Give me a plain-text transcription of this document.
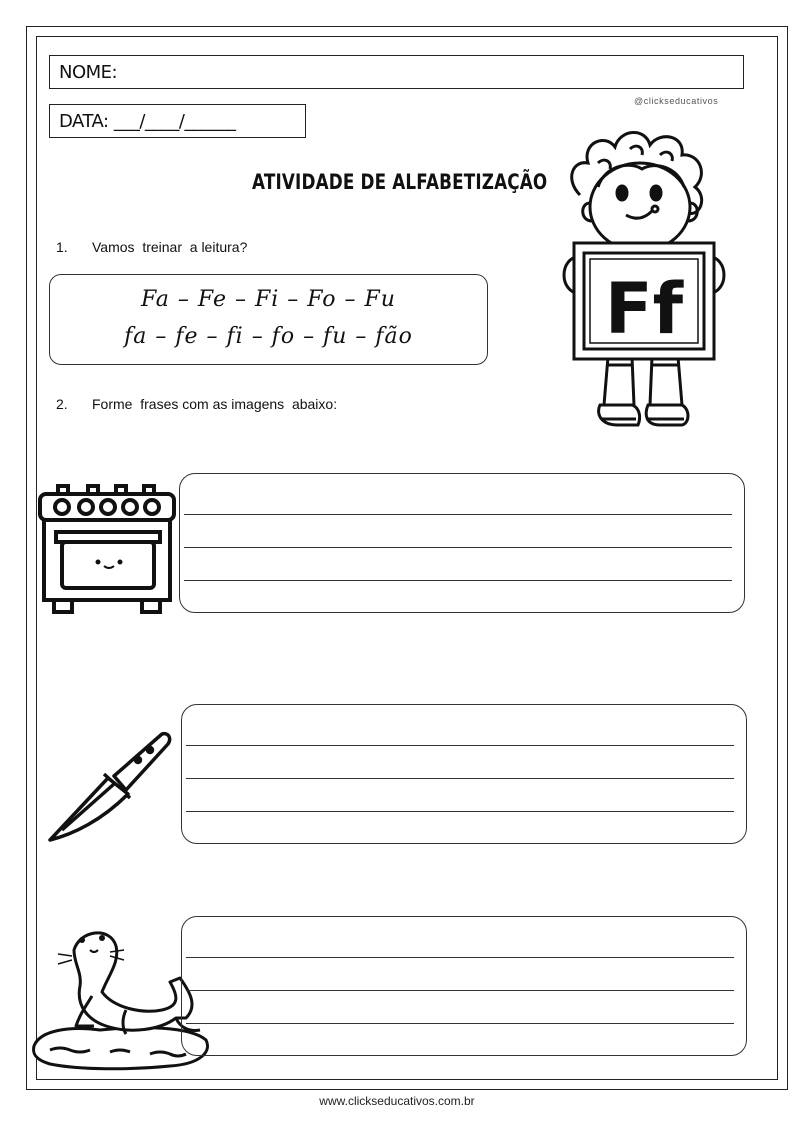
NOME:
DATA: ___/____/______
@clickseducativos
ATIVIDADE DE ALFABETIZAÇÃO
1. Vamos  treinar  a leitura?
Fa – Fe – Fi – Fo – Fu
fa – fe – fi – fo – fu – fão
2. Forme  frases com as imagens  abaixo:
Ff
www.clickseducativos.com.br
